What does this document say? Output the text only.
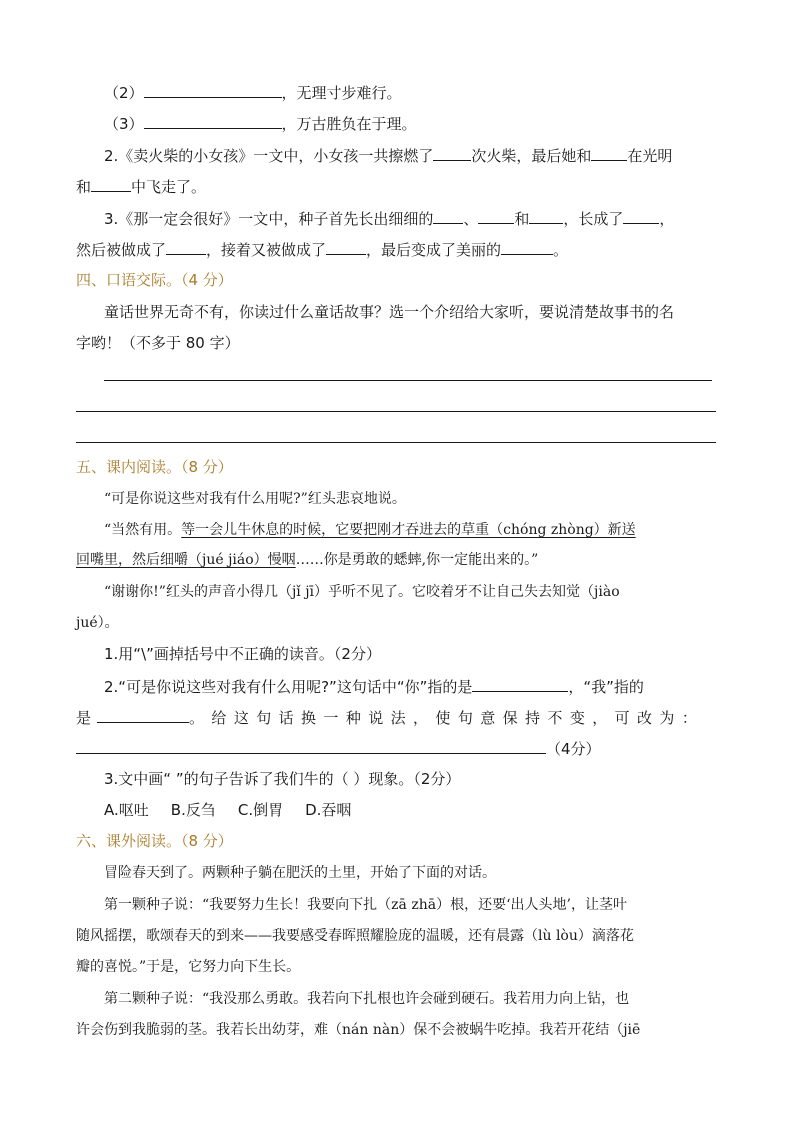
（2）	，无理寸步难行。
（3）	，万古胜负在于理。
2.《卖火柴的小女孩》一文中，小女孩一共擦燃了	次火柴，最后她和 在光明
和	中飞走了。
3.《那一定会很好》一文中，种子首先长出细细的 、 和 ，长成了 ，
然后被做成了	，接着又被做成了	，最后变成了美丽的	。
四、口语交际。（4 分）
童话世界无奇不有，你读过什么童话故事？选一个介绍给大家听，要说清楚故事书的名
字哟！（不多于 80 字）
五、课内阅读。（8 分）
“可是你说这些对我有什么用呢?”红头悲哀地说。
“当然有用。等一会儿牛休息的时候，它要把刚才吞进去的草重（chóng zhòng）新送
回嘴里，然后细嚼（jué jiáo）慢咽……你是勇敢的蟋蟀,你一定能出来的。”
“谢谢你!”红头的声音小得几（jǐ jī）乎听不见了。它咬着牙不让自己失去知觉（jiào
jué）。
1.用“\”画掉括号中不正确的读音。（2分）
2.“可是你说这些对我有什么用呢?”这句话中“你”指的是	，“我”指的
是	。给这句话换一种说法，使句意保持不变，可改为：
（4分）
3.文中画“ ”的句子告诉了我们牛的（ ）现象。（2分）
A.呕吐 B.反刍 C.倒胃 D.吞咽
六、课外阅读。（8 分）
冒险春天到了。两颗种子躺在肥沃的土里，开始了下面的对话。
第一颗种子说：“我要努力生长！我要向下扎（zā zhā）根，还要‘出人头地’，让茎叶
随风摇摆，歌颂春天的到来——我要感受春晖照耀脸庞的温暖，还有晨露（lù lòu）滴落花
瓣的喜悦。”于是，它努力向下生长。
第二颗种子说：“我没那么勇敢。我若向下扎根也许会碰到硬石。我若用力向上钻，也
许会伤到我脆弱的茎。我若长出幼芽，难（nán nàn）保不会被蜗牛吃掉。我若开花结（jiē
